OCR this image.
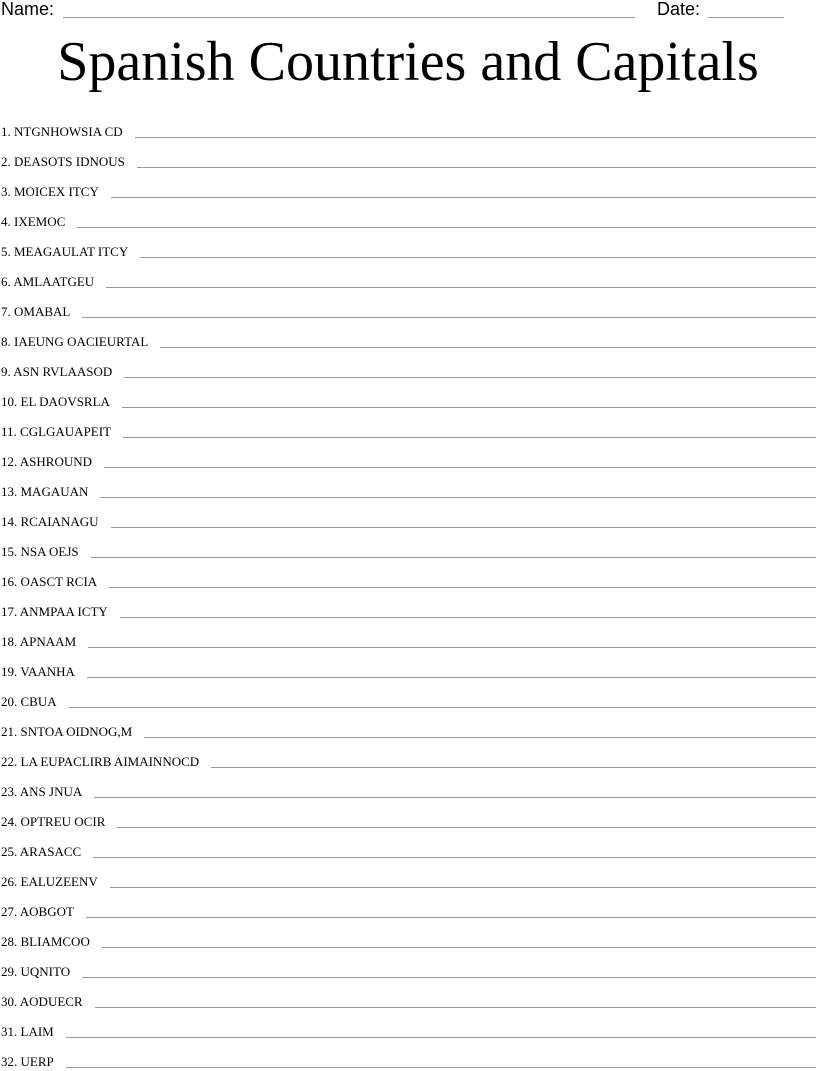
Name:	Date:
Spanish Countries and Capitals
1. NTGNHOWSIA CD
2. DEASOTS IDNOUS
3. MOICEX ITCY
4. IXEMOC
5. MEAGAULAT ITCY
6. AMLAATGEU
7. OMABAL
8. IAEUNG OACIEURTAL
9. ASN RVLAASOD
10. EL DAOVSRLA
11. CGLGAUAPEIT
12. ASHROUND
13. MAGAUAN
14. RCAIANAGU
15. NSA OEJS
16. OASCT RCIA
17. ANMPAA ICTY
18. APNAAM
19. VAANHA
20. CBUA
21. SNTOA OIDNOG,M
22. LA EUPACLIRB AIMAINNOCD
23. ANS JNUA
24. OPTREU OCIR
25. ARASACC
26. EALUZEENV
27. AOBGOT
28. BLIAMCOO
29. UQNITO
30. AODUECR
31. LAIM
32. UERP
